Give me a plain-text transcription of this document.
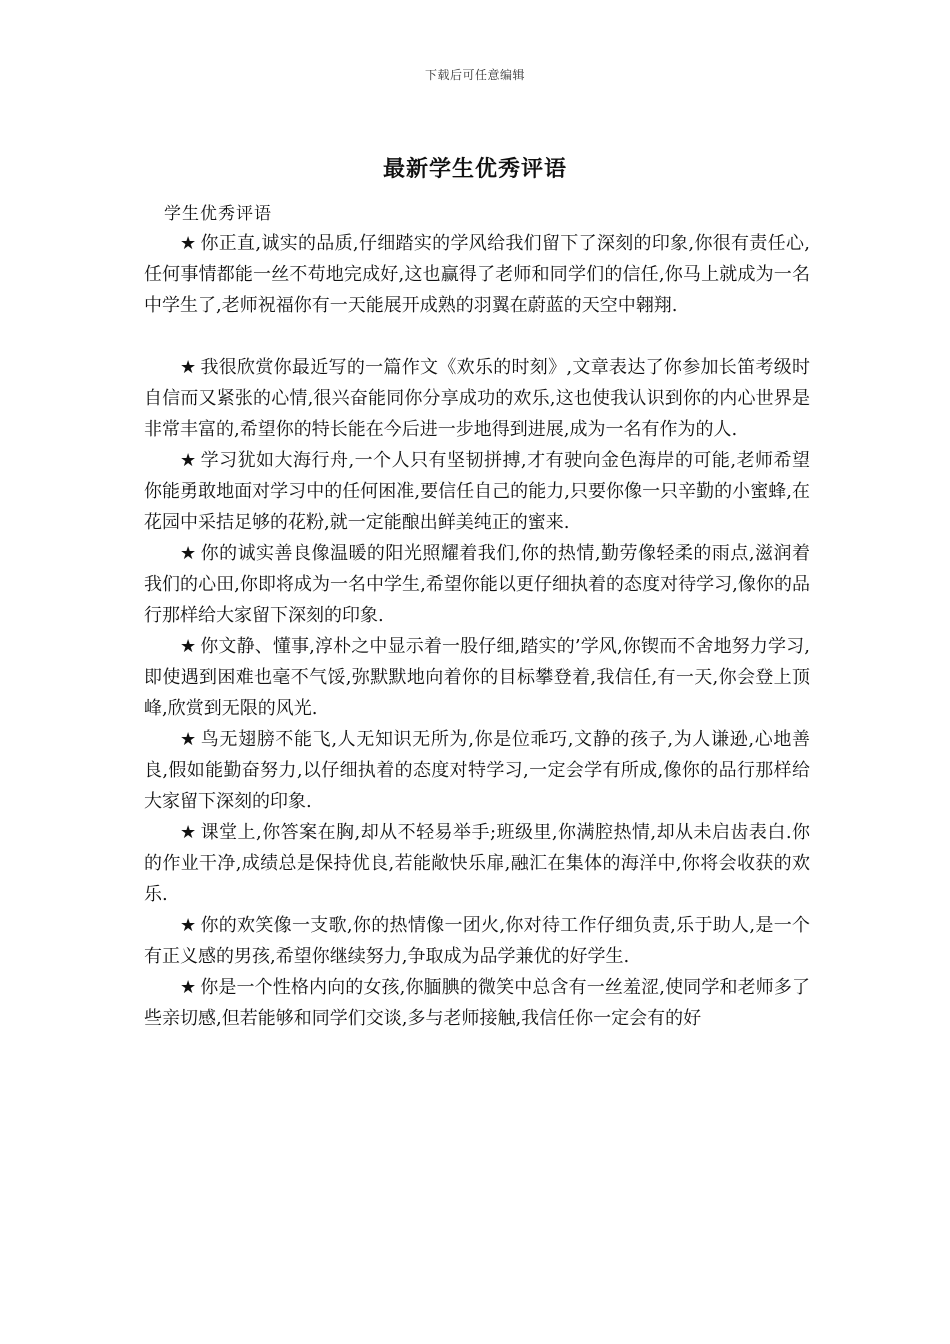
下载后可任意编辑
最新学生优秀评语
学生优秀评语

★ 你正直,诚实的品质,仔细踏实的学风给我们留下了深刻的印象,你很有责任心,任何事情都能一丝不苟地完成好,这也赢得了老师和同学们的信任,你马上就成为一名中学生了,老师祝福你有一天能展开成熟的羽翼在蔚蓝的天空中翱翔.

★ 我很欣赏你最近写的一篇作文《欢乐的时刻》,文章表达了你参加长笛考级时自信而又紧张的心情,很兴奋能同你分享成功的欢乐,这也使我认识到你的内心世界是非常丰富的,希望你的特长能在今后进一步地得到进展,成为一名有作为的人.

★ 学习犹如大海行舟,一个人只有坚韧拼搏,才有驶向金色海岸的可能,老师希望你能勇敢地面对学习中的任何困准,要信任自己的能力,只要你像一只辛勤的小蜜蜂,在花园中采拮足够的花粉,就一定能酿出鲜美纯正的蜜来.

★ 你的诚实善良像温暖的阳光照耀着我们,你的热情,勤劳像轻柔的雨点,滋润着我们的心田,你即将成为一名中学生,希望你能以更仔细执着的态度对待学习,像你的品行那样给大家留下深刻的印象.

★ 你文静、懂事,淳朴之中显示着一股仔细,踏实的’学风,你锲而不舍地努力学习,即使遇到困难也毫不气馁,弥默默地向着你的目标攀登着,我信任,有一天,你会登上顶峰,欣赏到无限的风光.

★ 鸟无翅膀不能飞,人无知识无所为,你是位乖巧,文静的孩子,为人谦逊,心地善良,假如能勤奋努力,以仔细执着的态度对特学习,一定会学有所成,像你的品行那样给大家留下深刻的印象.

★ 课堂上,你答案在胸,却从不轻易举手;班级里,你满腔热情,却从未启齿表白.你的作业干净,成绩总是保持优良,若能敞快乐扉,融汇在集体的海洋中,你将会收获的欢乐.

★ 你的欢笑像一支歌,你的热情像一团火,你对待工作仔细负责,乐于助人,是一个有正义感的男孩,希望你继续努力,争取成为品学兼优的好学生.

★ 你是一个性格内向的女孩,你腼腆的微笑中总含有一丝羞涩,使同学和老师多了些亲切感,但若能够和同学们交谈,多与老师接触,我信任你一定会有的好
